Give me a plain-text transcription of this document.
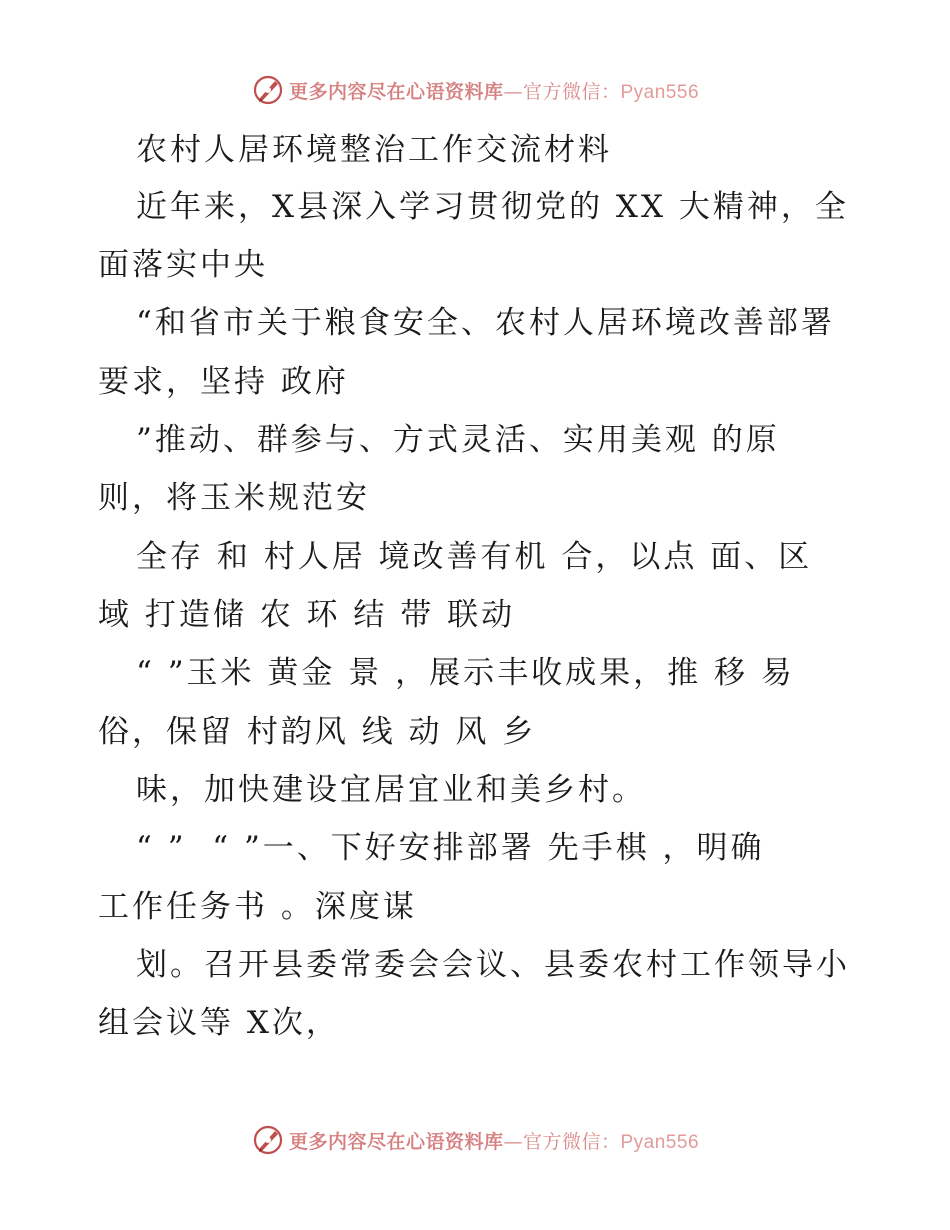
更多内容尽在心语资料库—官方微信：Pyan556
农村人居环境整治工作交流材料
近年来，X县深入学习贯彻党的 XX 大精神，全
面落实中央
“和省市关于粮食安全、农村人居环境改善部署
要求，坚持 政府
”推动、群参与、方式灵活、实用美观 的原
则，将玉米规范安
全存 和 村人居 境改善有机 合，以点 面、区
域 打造储 农 环 结 带 联动
“ ”玉米 黄金 景 ，展示丰收成果，推 移 易
俗，保留 村韵风 线 动 风 乡
味，加快建设宜居宜业和美乡村。
“ ”  “ ”一、下好安排部署 先手棋 ，明确
工作任务书 。深度谋
划。召开县委常委会会议、县委农村工作领导小
组会议等 X次，
更多内容尽在心语资料库—官方微信：Pyan556
